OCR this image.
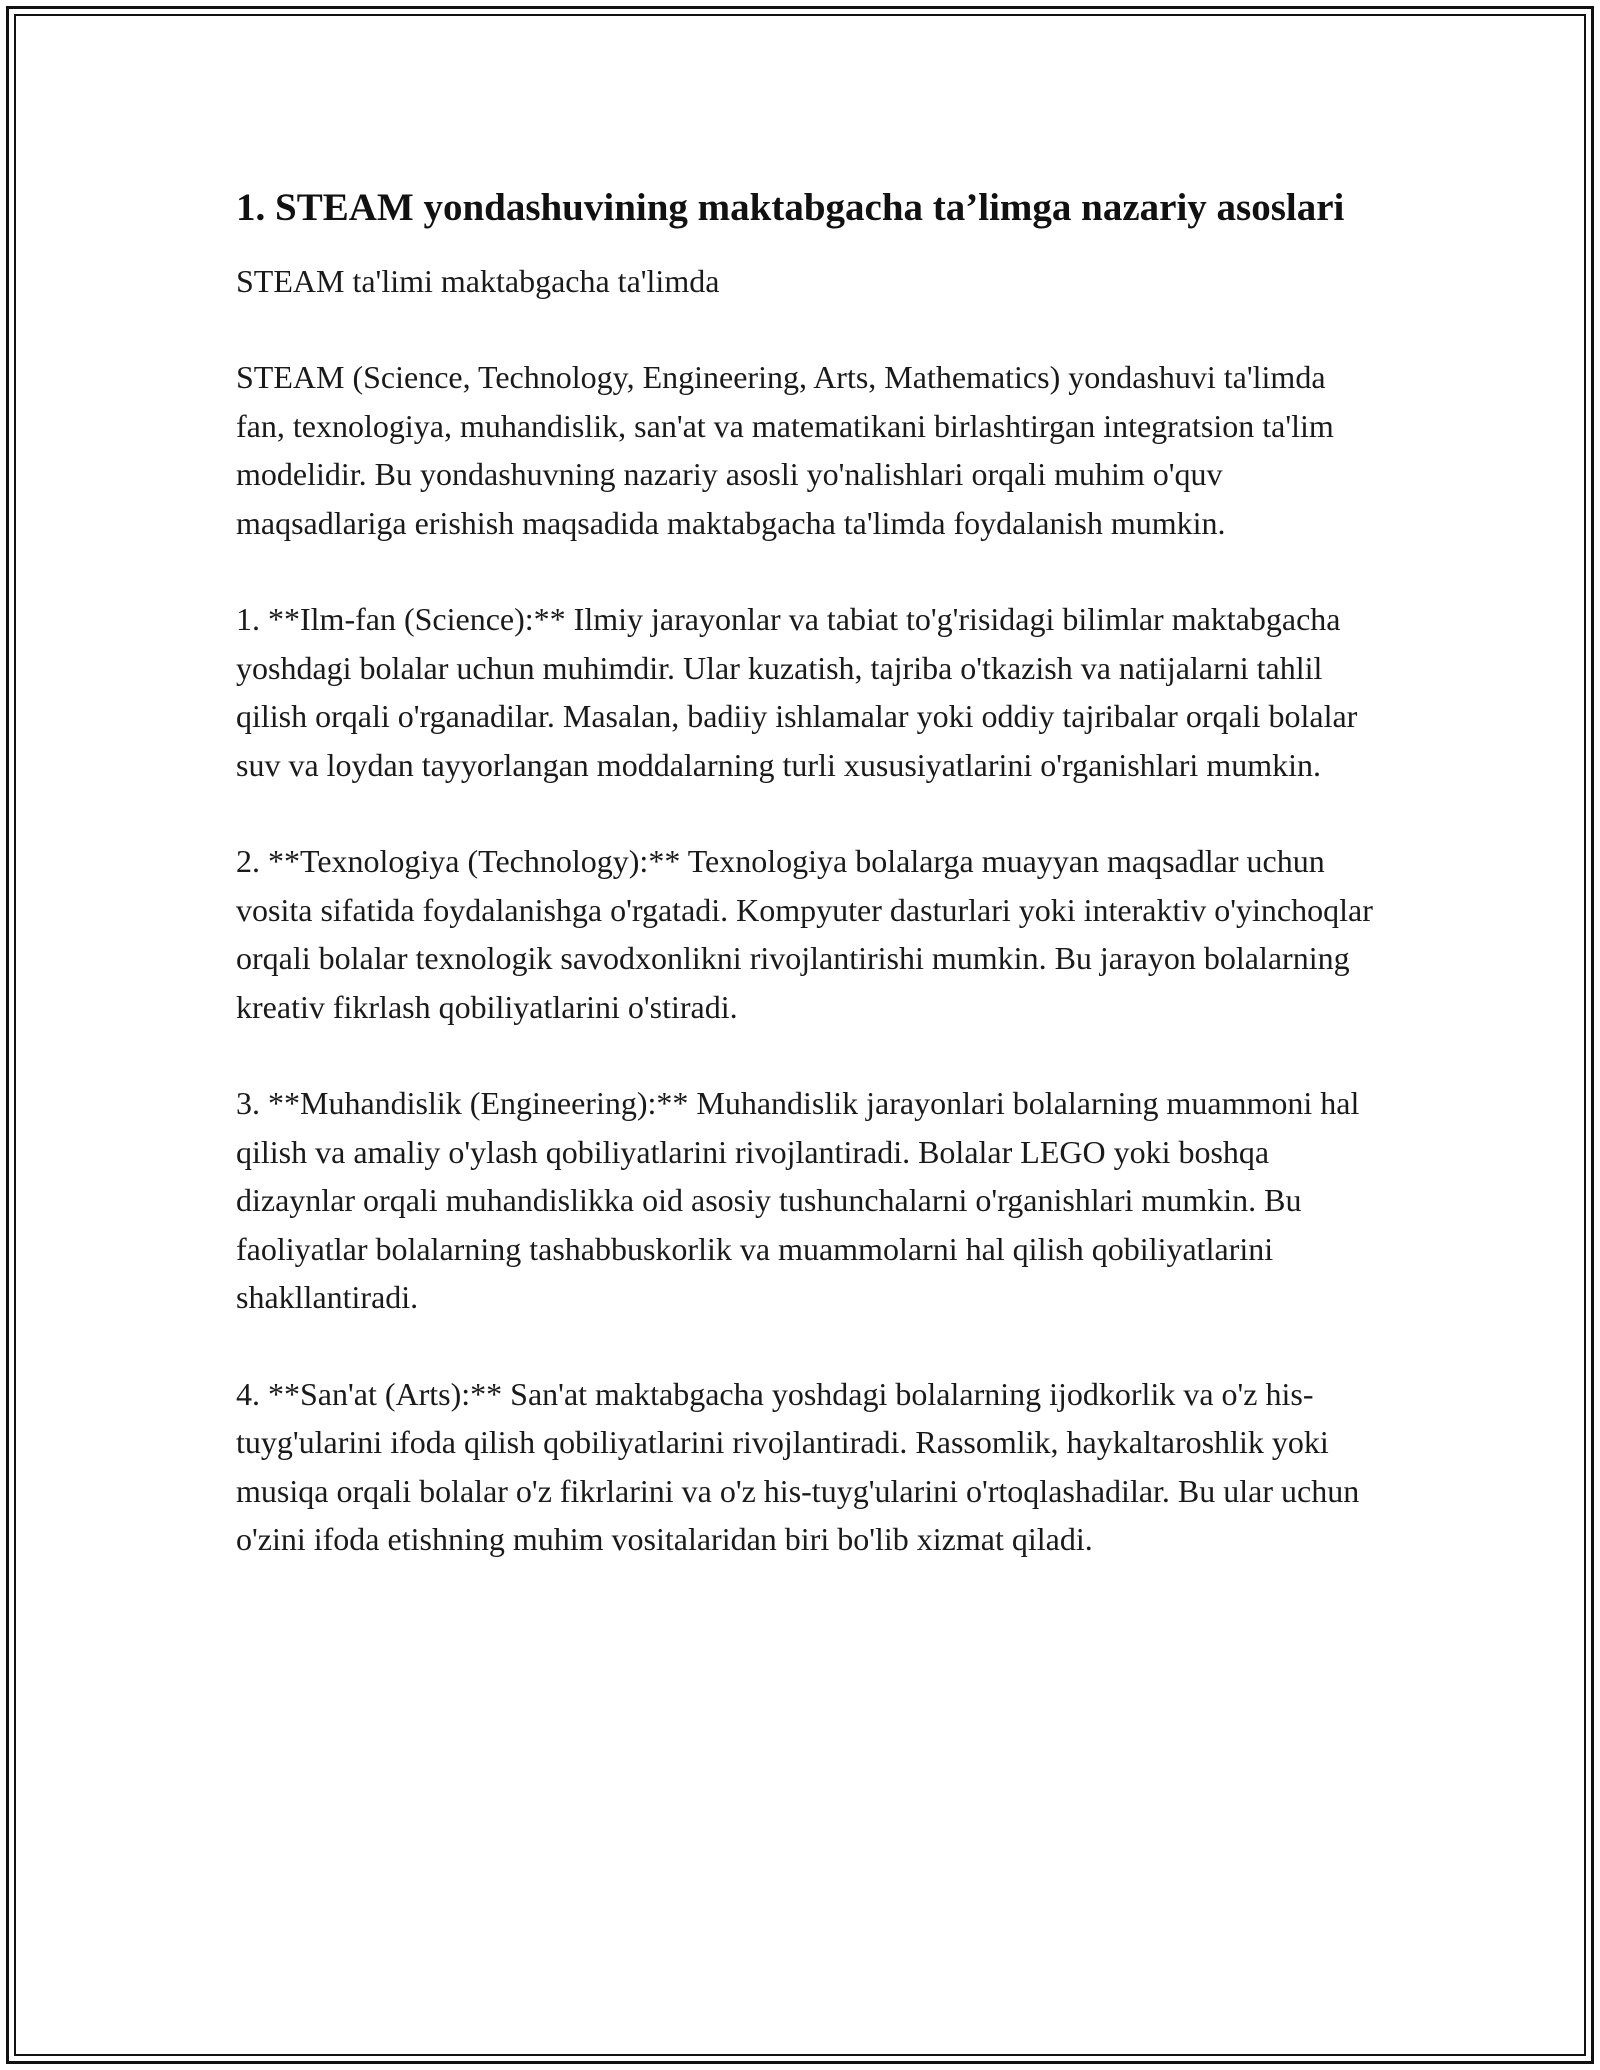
1. STEAM yondashuvining maktabgacha ta’limga nazariy asoslari

STEAM ta'limi maktabgacha ta'limda

STEAM (Science, Technology, Engineering, Arts, Mathematics) yondashuvi ta'limda fan, texnologiya, muhandislik, san'at va matematikani birlashtirgan integratsion ta'lim modelidir. Bu yondashuvning nazariy asosli yo'nalishlari orqali muhim o'quv maqsadlariga erishish maqsadida maktabgacha ta'limda foydalanish mumkin.

1. **Ilm-fan (Science):** Ilmiy jarayonlar va tabiat to'g'risidagi bilimlar maktabgacha yoshdagi bolalar uchun muhimdir. Ular kuzatish, tajriba o'tkazish va natijalarni tahlil qilish orqali o'rganadilar. Masalan, badiiy ishlamalar yoki oddiy tajribalar orqali bolalar suv va loydan tayyorlangan moddalarning turli xususiyatlarini o'rganishlari mumkin.

2. **Texnologiya (Technology):** Texnologiya bolalarga muayyan maqsadlar uchun vosita sifatida foydalanishga o'rgatadi. Kompyuter dasturlari yoki interaktiv o'yinchoqlar orqali bolalar texnologik savodxonlikni rivojlantirishi mumkin. Bu jarayon bolalarning kreativ fikrlash qobiliyatlarini o'stiradi.

3. **Muhandislik (Engineering):** Muhandislik jarayonlari bolalarning muammoni hal qilish va amaliy o'ylash qobiliyatlarini rivojlantiradi. Bolalar LEGO yoki boshqa dizaynlar orqali muhandislikka oid asosiy tushunchalarni o'rganishlari mumkin. Bu faoliyatlar bolalarning tashabbuskorlik va muammolarni hal qilish qobiliyatlarini shakllantiradi.

4. **San'at (Arts):** San'at maktabgacha yoshdagi bolalarning ijodkorlik va o'z his-tuyg'ularini ifoda qilish qobiliyatlarini rivojlantiradi. Rassomlik, haykaltaroshlik yoki musiqa orqali bolalar o'z fikrlarini va o'z his-tuyg'ularini o'rtoqlashadilar. Bu ular uchun o'zini ifoda etishning muhim vositalaridan biri bo'lib xizmat qiladi.
